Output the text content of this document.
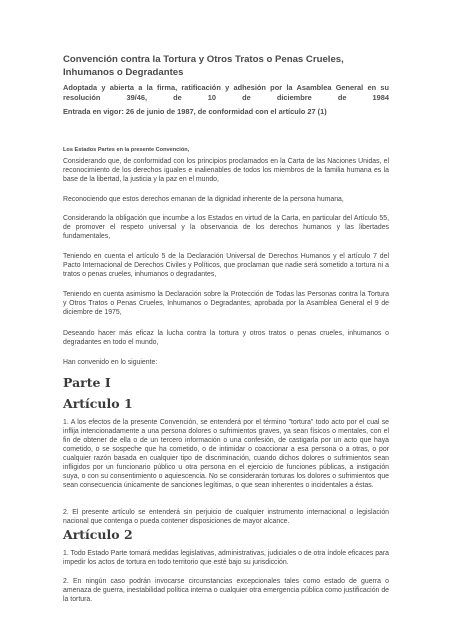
Convención contra la Tortura y Otros Tratos o Penas Crueles, Inhumanos o Degradantes

Adoptada y abierta a la firma, ratificación y adhesión por la Asamblea General en su resolución 39/46, de 10 de diciembre de 1984

Entrada en vigor: 26 de junio de 1987, de conformidad con el artículo 27 (1)

Los Estados Partes en la presente Convención,

Considerando que, de conformidad con los principios proclamados en la Carta de las Naciones Unidas, el reconocimiento de los derechos iguales e inalienables de todos los miembros de la familia humana es la base de la libertad, la justicia y la paz en el mundo,

Reconociendo que estos derechos emanan de la dignidad inherente de la persona humana,

Considerando la obligación que incumbe a los Estados en virtud de la Carta, en particular del Artículo 55, de promover el respeto universal y la observancia de los derechos humanos y las libertades fundamentales,

Teniendo en cuenta el artículo 5 de la Declaración Universal de Derechos Humanos y el artículo 7 del Pacto Internacional de Derechos Civiles y Políticos, que proclaman que nadie será sometido a tortura ni a tratos o penas crueles, inhumanos o degradantes,

Teniendo en cuenta asimismo la Declaración sobre la Protección de Todas las Personas contra la Tortura y Otros Tratos o Penas Crueles, Inhumanos o Degradantes, aprobada por la Asamblea General el 9 de diciembre de 1975,

Deseando hacer más eficaz la lucha contra la tortura y otros tratos o penas crueles, inhumanos o degradantes en todo el mundo,

Han convenido en lo siguiente:

Parte I
Artículo 1

1. A los efectos de la presente Convención, se entenderá por el término "tortura" todo acto por el cual se inflija intencionadamente a una persona dolores o sufrimientos graves, ya sean físicos o mentales, con el fin de obtener de ella o de un tercero información o una confesión, de castigarla por un acto que haya cometido, o se sospeche que ha cometido, o de intimidar o coaccionar a esa persona o a otras, o por cualquier razón basada en cualquier tipo de discriminación, cuando dichos dolores o sufrimientos sean infligidos por un funcionario público u otra persona en el ejercicio de funciones públicas, a instigación suya, o con su consentimiento o aquiescencia. No se considerarán torturas los dolores o sufrimientos que sean consecuencia únicamente de sanciones legítimas, o que sean inherentes o incidentales a éstas.

2. El presente artículo se entenderá sin perjuicio de cualquier instrumento internacional o legislación nacional que contenga o pueda contener disposiciones de mayor alcance.

Artículo 2

1. Todo Estado Parte tomará medidas legislativas, administrativas, judiciales o de otra índole eficaces para impedir los actos de tortura en todo territorio que esté bajo su jurisdicción.

2. En ningún caso podrán invocarse circunstancias excepcionales tales como estado de guerra o amenaza de guerra, inestabilidad política interna o cualquier otra emergencia pública como justificación de la tortura.
